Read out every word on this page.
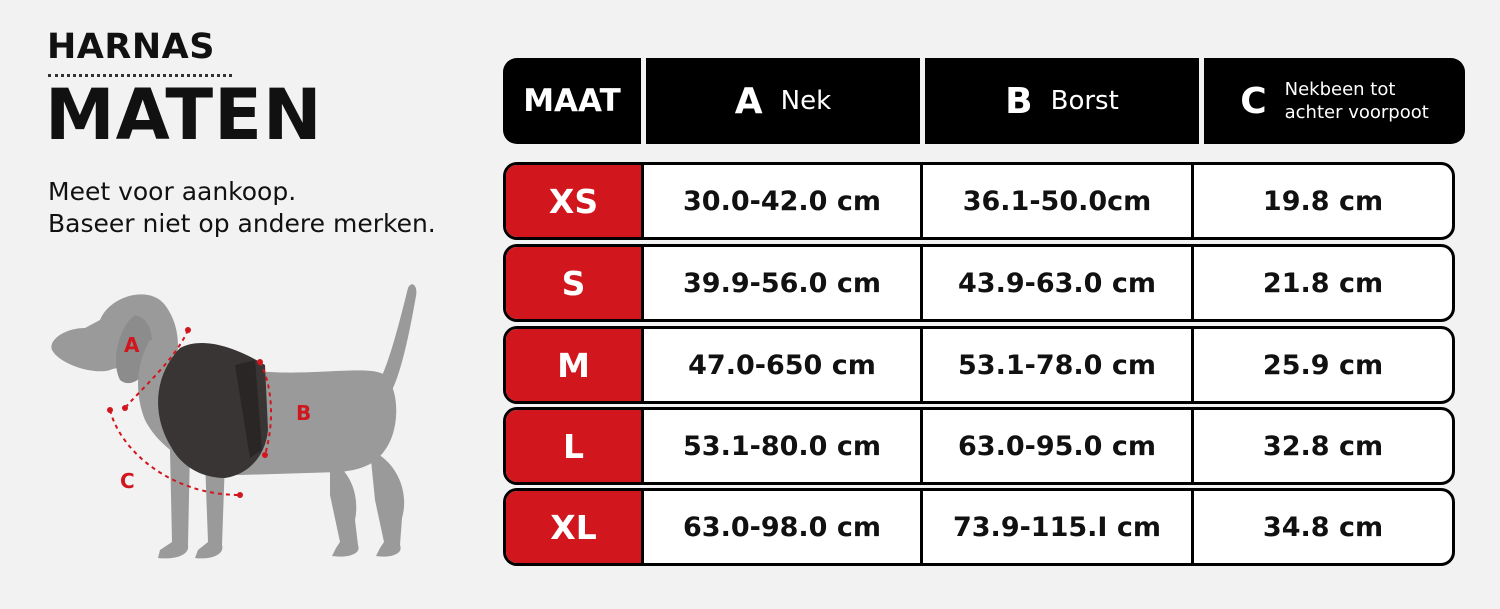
HARNAS
MATEN
Meet voor aankoop.
Baseer niet op andere merken.
A
B
C
MAAT	A Nek	B Borst	C Nekbeen tot
achter voorpoot
XS	30.0-42.0 cm	36.1-50.0cm	19.8 cm
S	39.9-56.0 cm	43.9-63.0 cm	21.8 cm
M	47.0-650 cm	53.1-78.0 cm	25.9 cm
L	53.1-80.0 cm	63.0-95.0 cm	32.8 cm
XL	63.0-98.0 cm	73.9-115.I cm	34.8 cm
